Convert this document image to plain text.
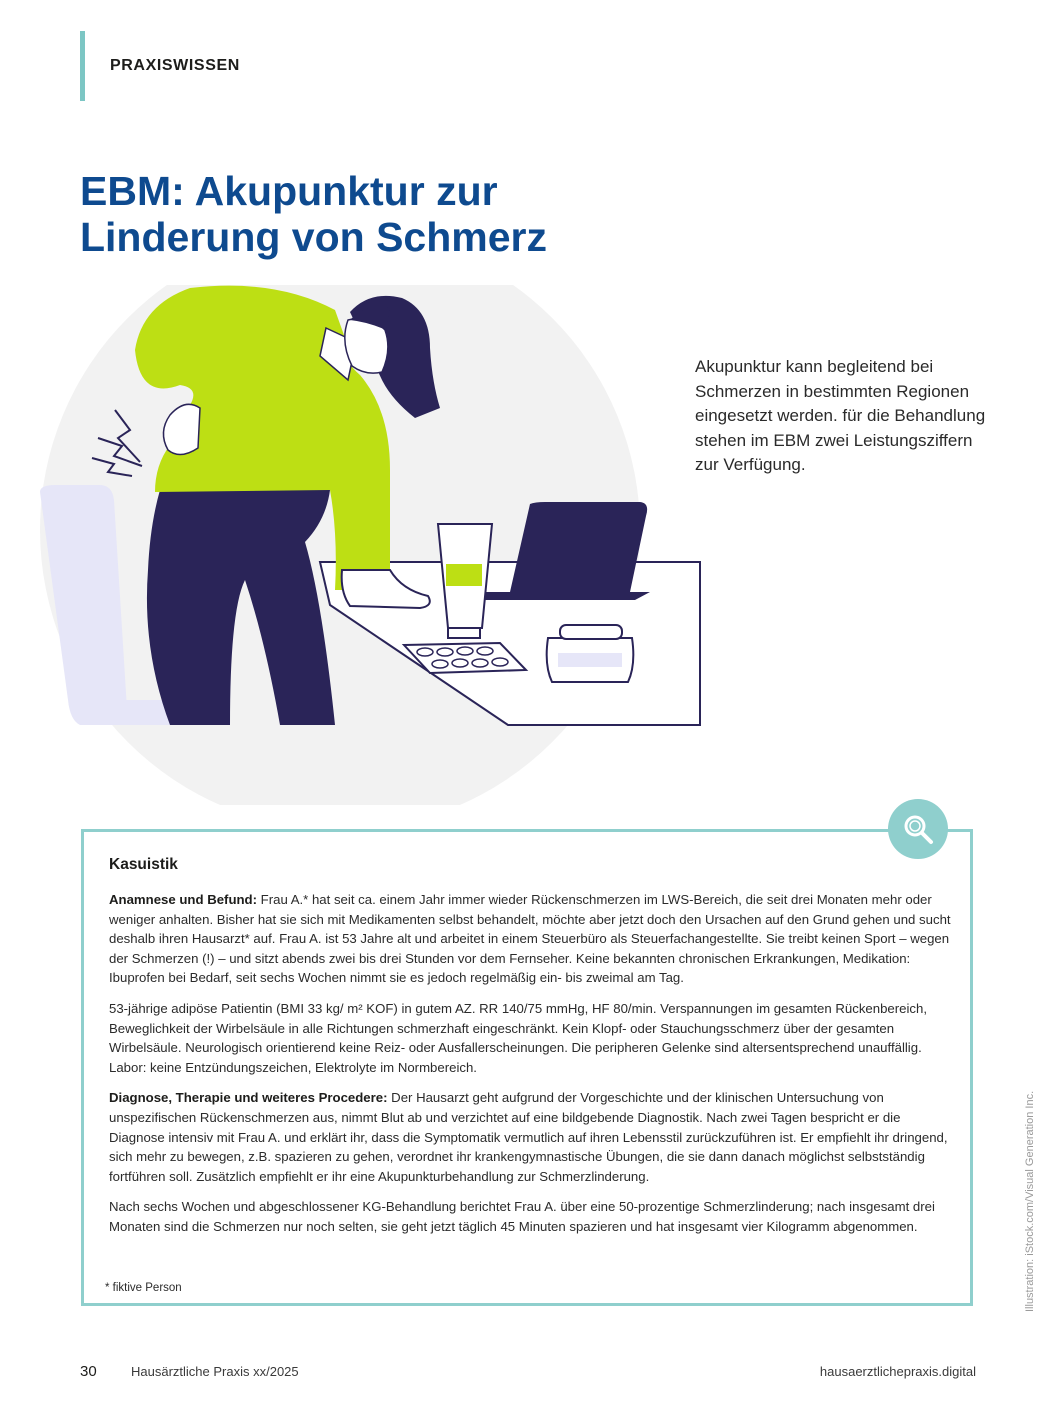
PRAXISWISSEN
EBM: Akupunktur zur
Linderung von Schmerz

Akupunktur kann begleitend bei Schmerzen in bestimmten Regionen eingesetzt werden. für die Behandlung stehen im EBM zwei Leistungsziffern zur Verfügung.

Kasuistik

Anamnese und Befund: Frau A.* hat seit ca. einem Jahr immer wieder Rückenschmerzen im LWS-Bereich, die seit drei Monaten mehr oder weniger anhalten. Bisher hat sie sich mit Medikamenten selbst behandelt, möchte aber jetzt doch den Ursachen auf den Grund gehen und sucht deshalb ihren Hausarzt* auf. Frau A. ist 53 Jahre alt und arbeitet in einem Steuerbüro als Steuerfachangestellte. Sie treibt keinen Sport – wegen der Schmerzen (!) – und sitzt abends zwei bis drei Stunden vor dem Fernseher. Keine bekannten chronischen Erkrankungen, Medikation: Ibuprofen bei Bedarf, seit sechs Wochen nimmt sie es jedoch regelmäßig ein- bis zweimal am Tag.

53-jährige adipöse Patientin (BMI 33 kg/ m² KOF) in gutem AZ. RR 140/75 mmHg, HF 80/min. Verspannungen im gesamten Rückenbereich, Beweglichkeit der Wirbelsäule in alle Richtungen schmerzhaft eingeschränkt. Kein Klopf- oder Stauchungsschmerz über der gesamten Wirbelsäule. Neurologisch orientierend keine Reiz- oder Ausfallerscheinungen. Die peripheren Gelenke sind altersentsprechend unauffällig. Labor: keine Entzündungszeichen, Elektrolyte im Normbereich.

Diagnose, Therapie und weiteres Procedere: Der Hausarzt geht aufgrund der Vorgeschichte und der klinischen Untersuchung von unspezifischen Rückenschmerzen aus, nimmt Blut ab und verzichtet auf eine bildgebende Diagnostik. Nach zwei Tagen bespricht er die Diagnose intensiv mit Frau A. und erklärt ihr, dass die Symptomatik vermutlich auf ihren Lebensstil zurückzuführen ist. Er empfiehlt ihr dringend, sich mehr zu bewegen, z.B. spazieren zu gehen, verordnet ihr krankengymnastische Übungen, die sie dann danach möglichst selbstständig fortführen soll. Zusätzlich empfiehlt er ihr eine Akupunkturbehandlung zur Schmerzlinderung.

Nach sechs Wochen und abgeschlossener KG-Behandlung berichtet Frau A. über eine 50-prozentige Schmerzlinderung; nach insgesamt drei Monaten sind die Schmerzen nur noch selten, sie geht jetzt täglich 45 Minuten spazieren und hat insgesamt vier Kilogramm abgenommen.

* fiktive Person	Illustration: iStock.com/Visual Generation Inc.
30	Hausärztliche Praxis xx/2025	hausaerztlichepraxis.digital
